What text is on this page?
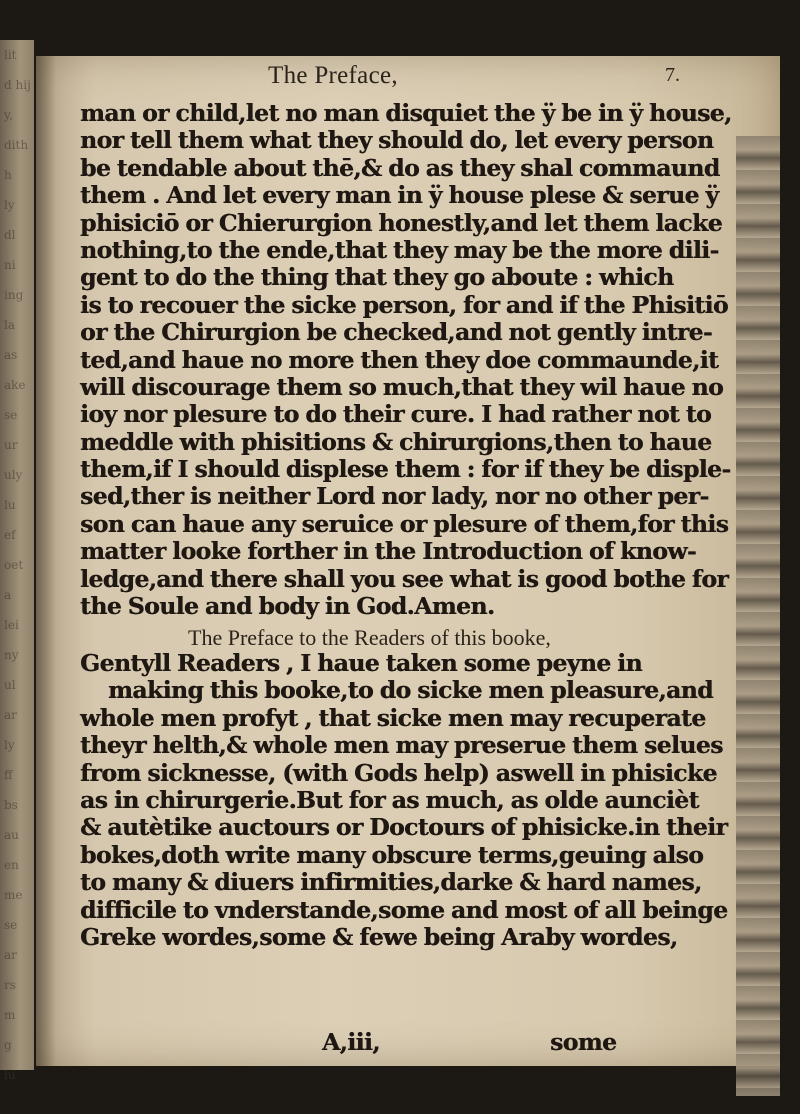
lit
d hij
y,
dith
h
ly
dl
ni
ing
la
as
ake
se
ur
uly
lu
ef
oet
a
lei
ny
ul
ar
ly
ff
bs
au
en
me
se
ar
rs
m
g
lu
The Preface,	7.
man or child,let no man disquiet the ÿ be in ÿ house,
nor tell them what they should do, let every person
be tendable about thē,& do as they shal commaund
them . And let every man in ÿ house plese & serue ÿ
phisiciō or Chierurgion honestly,and let them lacke
nothing,to the ende,that they may be the more dili-
gent to do the thing that they go aboute : which
is to recouer the sicke person, for and if the Phisitiō
or the Chirurgion be checked,and not gently intre-
ted,and haue no more then they doe commaunde,it
will discourage them so much,that they wil haue no
ioy nor plesure to do their cure. I had rather not to
meddle with phisitions & chirurgions,then to haue
them,if I should displese them : for if they be disple-
sed,ther is neither Lord nor lady, nor no other per-
son can haue any seruice or plesure of them,for this
matter looke forther in the Introduction of know-
ledge,and there shall you see what is good bothe for
the Soule and body in God.Amen.
The Preface to the Readers of this booke,
Gentyll Readers , I haue taken some peyne in
making this booke,to do sicke men pleasure,and
whole men profyt , that sicke men may recuperate
theyr helth,& whole men may preserue them selues
from sicknesse, (with Gods help) aswell in phisicke
as in chirurgerie.But for as much, as olde auncièt
& autètike auctours or Doctours of phisicke.in their
bokes,doth write many obscure terms,geuing also
to many & diuers infirmities,darke & hard names,
difficile to vnderstande,some and most of all beinge
Greke wordes,some & fewe being Araby wordes,
A,iii,	some
